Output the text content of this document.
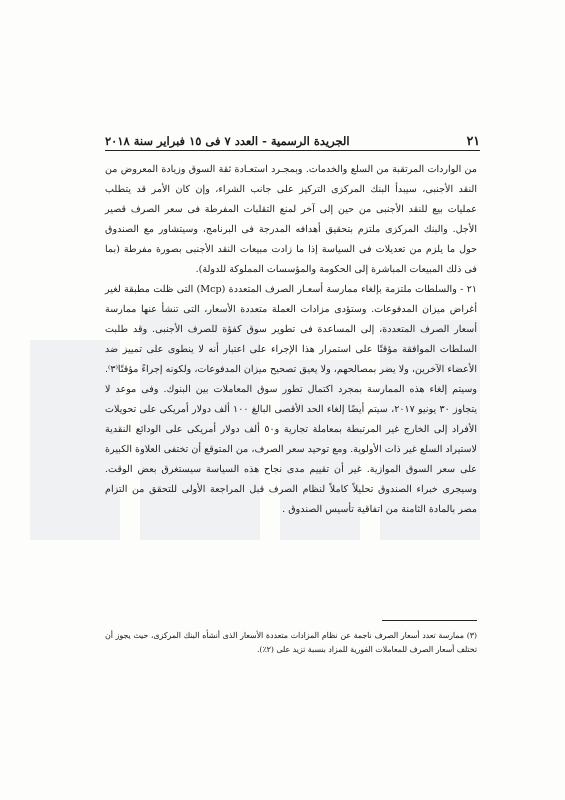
٢١
الجريدة الرسمية - العدد ٧ فى ١٥ فبراير سنة ٢٠١٨

من الواردات المرتقبة من السلع والخدمات. وبمجـرد استعـادة ثقة السوق وزيادة المعروض من النقد الأجنبى، سيبدأ البنك المركزى التركيز على جانب الشراء، وإن كان الأمر قد يتطلب عمليات بيع للنقد الأجنبى من حين إلى آخر لمنع التقلبات المفرطة فى سعر الصرف قصير الأجل. والبنك المركزى ملتزم بتحقيق أهدافه المدرجة فى البرنامج، وسيتشاور مع الصندوق حول ما يلزم من تعديلات فى السياسة إذا ما زادت مبيعات النقد الأجنبى بصورة مفرطة (بما فى ذلك المبيعات المباشرة إلى الحكومة والمؤسسات المملوكة للدولة).

٢١ - والسلطات ملتزمة بإلغاء ممارسة أسعـار الصرف المتعددة (Mcp) التى ظلت مطبقة لغير أغراض ميزان المدفوعات. وستؤدى مزادات العملة متعددة الأسعار، التى تنشأ عنها ممارسة أسعار الصرف المتعددة، إلى المساعدة فى تطوير سوق كفؤة للصرف الأجنبى. وقد طلبت السلطات الموافقة مؤقتًا على استمرار هذا الإجراء على اعتبار أنه لا ينطوى على تمييز ضد الأعضاء الآخرين، ولا يضر بمصالحهم، ولا يعيق تصحيح ميزان المدفوعات، ولكونه إجراءً مؤقتًا⁽٣⁾. وسيتم إلغاء هذه الممارسة بمجرد اكتمال تطور سوق المعاملات بين البنوك. وفى موعد لا يتجاوز ٣٠ يونيو ٢٠١٧، سيتم أيضًا إلغاء الحد الأقصى البالغ ١٠٠ ألف دولار أمريكى على تحويلات الأفراد إلى الخارج غير المرتبطة بمعاملة تجارية و٥٠ ألف دولار أمريكى على الودائع النقدية لاستيراد السلع غير ذات الأولوية. ومع توحيد سعر الصرف، من المتوقع أن تختفى العلاوة الكبيرة على سعر السوق الموازية. غير أن تقييم مدى نجاح هذه السياسة سيستغرق بعض الوقت. وسيجرى خبراء الصندوق تحليلاً كاملاً لنظام الصرف قبل المراجعة الأولى للتحقق من التزام مصر بالمادة الثامنة من اتفاقية تأسيس الصندوق .

(٣) ممارسة تعدد أسعار الصرف ناجمة عن نظام المزادات متعددة الأسعار الذى أنشأه البنك المركزى، حيث يجوز أن تختلف أسعار الصرف للمعاملات الفورية للمزاد بنسبة تزيد على (٢٪).
